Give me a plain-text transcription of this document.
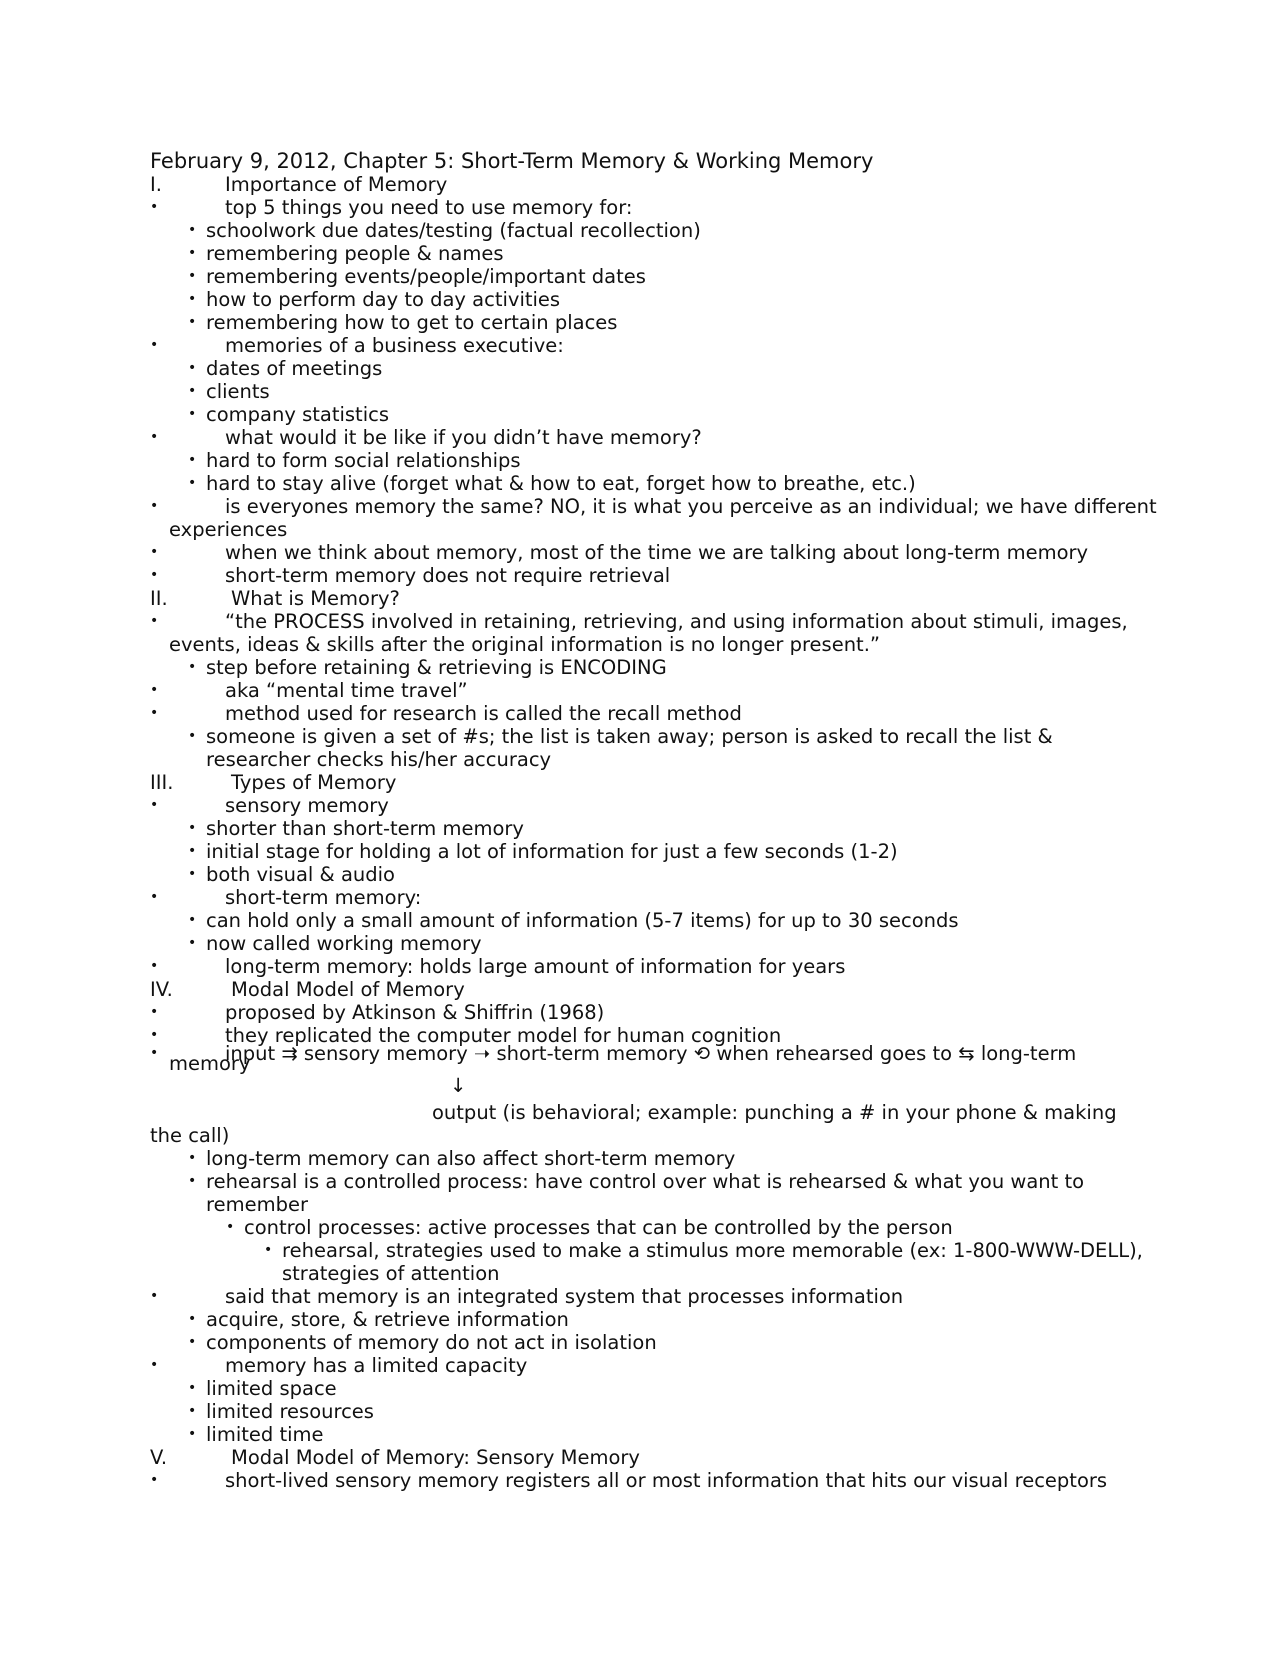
February 9, 2012, Chapter 5: Short-Term Memory & Working Memory
I.	Importance of Memory
•	top 5 things you need to use memory for:
• schoolwork due dates/testing (factual recollection)
• remembering people & names
• remembering events/people/important dates
• how to perform day to day activities
• remembering how to get to certain places
•	memories of a business executive:
• dates of meetings
• clients
• company statistics
•	what would it be like if you didn’t have memory?
• hard to form social relationships
• hard to stay alive (forget what & how to eat, forget how to breathe, etc.)
•	is everyones memory the same? NO, it is what you perceive as an individual; we have different
experiences
•	when we think about memory, most of the time we are talking about long-term memory
•	short-term memory does not require retrieval
II.	What is Memory?
•	“the PROCESS involved in retaining, retrieving, and using information about stimuli, images,
events, ideas & skills after the original information is no longer present.”
• step before retaining & retrieving is ENCODING
•	aka “mental time travel”
•	method used for research is called the recall method
• someone is given a set of #s; the list is taken away; person is asked to recall the list &
researcher checks his/her accuracy
III.	Types of Memory
•	sensory memory
• shorter than short-term memory
• initial stage for holding a lot of information for just a few seconds (1-2)
• both visual & audio
•	short-term memory:
• can hold only a small amount of information (5-7 items) for up to 30 seconds
• now called working memory
•	long-term memory: holds large amount of information for years
IV.	Modal Model of Memory
•	proposed by Atkinson & Shiffrin (1968)
•	they replicated the computer model for human cognition
•	input ⇉ sensory memory ➝ short-term memory ⟲ when rehearsed goes to ⇆ long-term
memory
↓
output (is behavioral; example: punching a # in your phone & making
the call)
• long-term memory can also affect short-term memory
• rehearsal is a controlled process: have control over what is rehearsed & what you want to
remember
• control processes: active processes that can be controlled by the person
• rehearsal, strategies used to make a stimulus more memorable (ex: 1-800-WWW-DELL),
strategies of attention
•	said that memory is an integrated system that processes information
• acquire, store, & retrieve information
• components of memory do not act in isolation
•	memory has a limited capacity
• limited space
• limited resources
• limited time
V.	Modal Model of Memory: Sensory Memory
•	short-lived sensory memory registers all or most information that hits our visual receptors
